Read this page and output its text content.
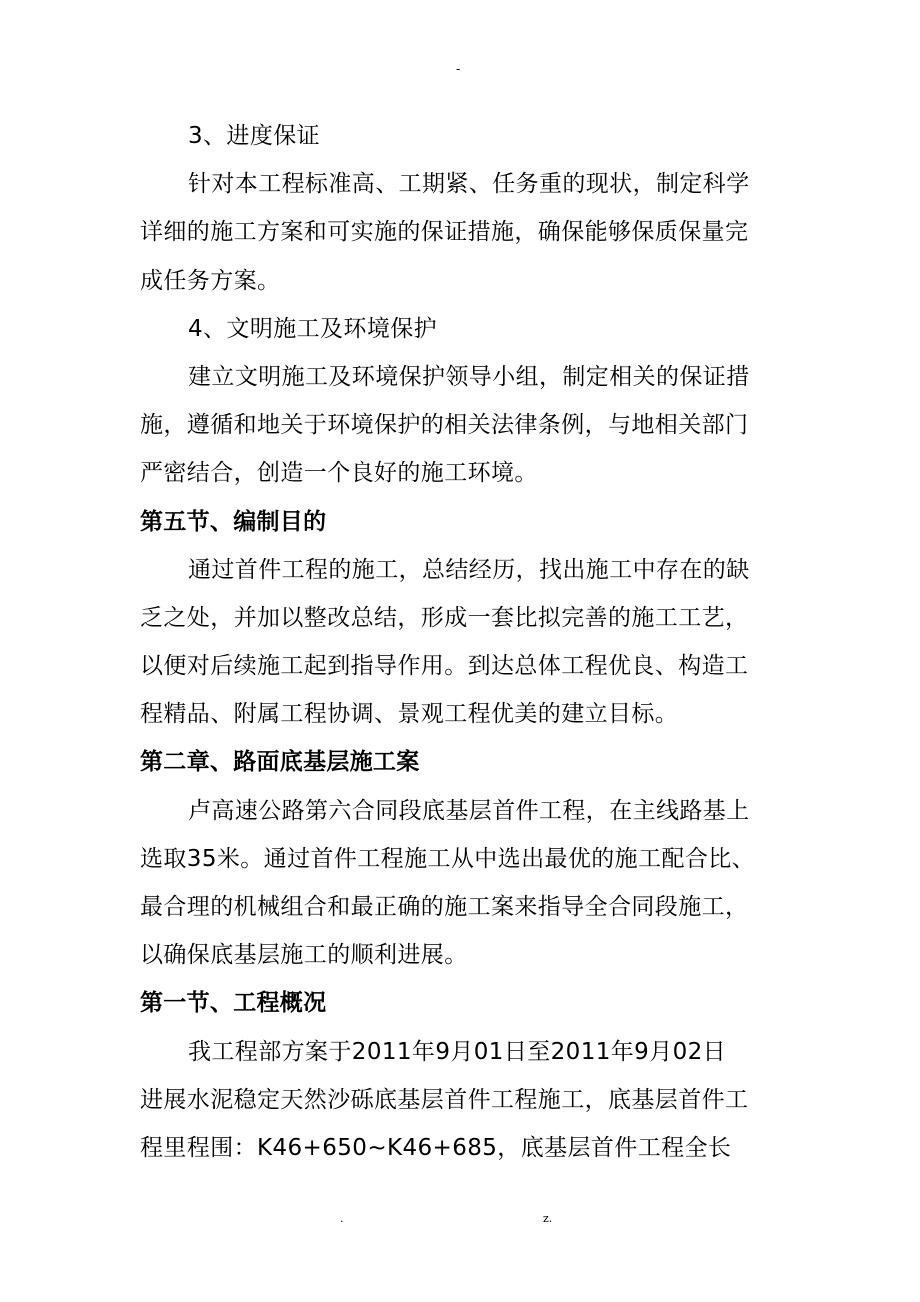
-
3、进度保证
针对本工程标准高、工期紧、任务重的现状，制定科学
详细的施工方案和可实施的保证措施，确保能够保质保量完
成任务方案。
4、文明施工及环境保护
建立文明施工及环境保护领导小组，制定相关的保证措
施，遵循和地关于环境保护的相关法律条例，与地相关部门
严密结合，创造一个良好的施工环境。
第五节、编制目的
通过首件工程的施工，总结经历，找出施工中存在的缺
乏之处，并加以整改总结，形成一套比拟完善的施工工艺，
以便对后续施工起到指导作用。到达总体工程优良、构造工
程精品、附属工程协调、景观工程优美的建立目标。
第二章、路面底基层施工案
卢高速公路第六合同段底基层首件工程，在主线路基上
选取35米。通过首件工程施工从中选出最优的施工配合比、
最合理的机械组合和最正确的施工案来指导全合同段施工，
以确保底基层施工的顺利进展。
第一节、工程概况
我工程部方案于2011年9月01日至2011年9月02日
进展水泥稳定天然沙砾底基层首件工程施工，底基层首件工
程里程围：K46+650~K46+685，底基层首件工程全长
.	z.
